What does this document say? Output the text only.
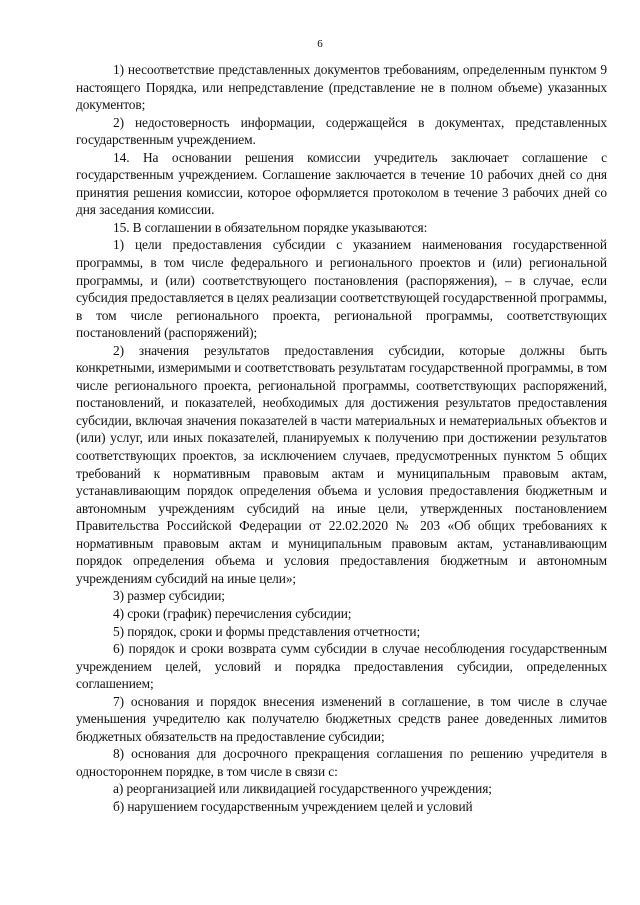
6

1) несоответствие представленных документов требованиям, определенным пунктом 9 настоящего Порядка, или непредставление (представление не в полном объеме) указанных документов;

2) недостоверность информации, содержащейся в документах, представленных государственным учреждением.

14. На основании решения комиссии учредитель заключает соглашение с государственным учреждением. Соглашение заключается в течение 10 рабочих дней со дня принятия решения комиссии, которое оформляется протоколом в течение 3 рабочих дней со дня заседания комиссии.

15. В соглашении в обязательном порядке указываются:

1) цели предоставления субсидии с указанием наименования государственной программы, в том числе федерального и регионального проектов и (или) региональной программы, и (или) соответствующего постановления (распоряжения), – в случае, если субсидия предоставляется в целях реализации соответствующей государственной программы, в том числе регионального проекта, региональной программы, соответствующих постановлений (распоряжений);

2) значения результатов предоставления субсидии, которые должны быть конкретными, измеримыми и соответствовать результатам государственной программы, в том числе регионального проекта, региональной программы, соответствующих распоряжений, постановлений, и показателей, необходимых для достижения результатов предоставления субсидии, включая значения показателей в части материальных и нематериальных объектов и (или) услуг, или иных показателей, планируемых к получению при достижении результатов соответствующих проектов, за исключением случаев, предусмотренных пунктом 5 общих требований к нормативным правовым актам и муниципальным правовым актам, устанавливающим порядок определения объема и условия предоставления бюджетным и автономным учреждениям субсидий на иные цели, утвержденных постановлением Правительства Российской Федерации от 22.02.2020 № 203 «Об общих требованиях к нормативным правовым актам и муниципальным правовым актам, устанавливающим порядок определения объема и условия предоставления бюджетным и автономным учреждениям субсидий на иные цели»;

3) размер субсидии;

4) сроки (график) перечисления субсидии;

5) порядок, сроки и формы представления отчетности;

6) порядок и сроки возврата сумм субсидии в случае несоблюдения государственным учреждением целей, условий и порядка предоставления субсидии, определенных соглашением;

7) основания и порядок внесения изменений в соглашение, в том числе в случае уменьшения учредителю как получателю бюджетных средств ранее доведенных лимитов бюджетных обязательств на предоставление субсидии;

8) основания для досрочного прекращения соглашения по решению учредителя в одностороннем порядке, в том числе в связи с:

а) реорганизацией или ликвидацией государственного учреждения;

б) нарушением государственным учреждением целей и условий
